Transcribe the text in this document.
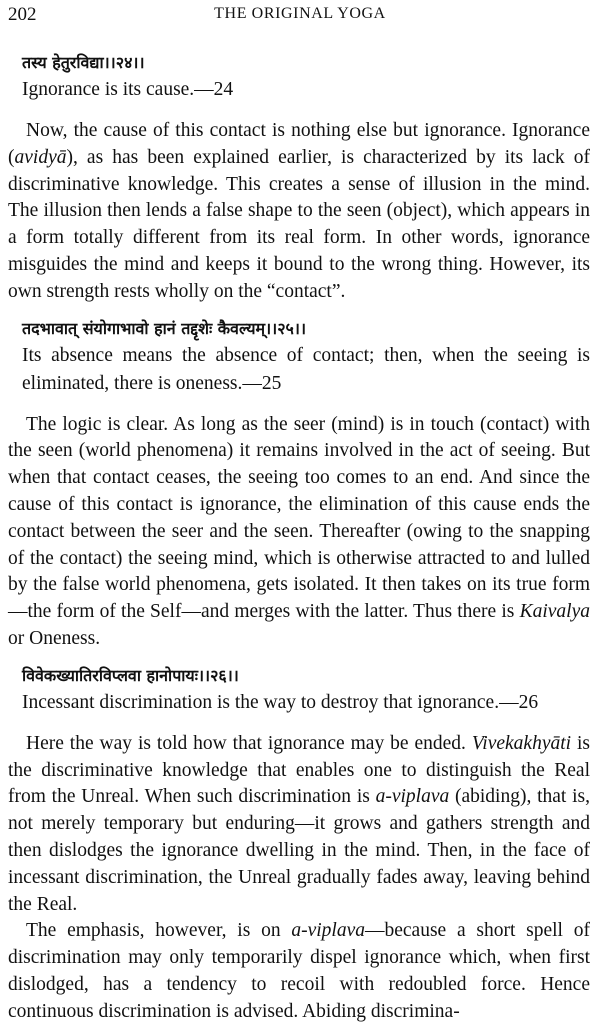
202	THE ORIGINAL YOGA

तस्य हेतुरविद्या।।२४।।

Ignorance is its cause.—24

Now, the cause of this contact is nothing else but ignorance. Ignorance (avidyā), as has been explained earlier, is characterized by its lack of discriminative knowledge. This creates a sense of illusion in the mind. The illusion then lends a false shape to the seen (object), which appears in a form totally different from its real form. In other words, ignorance misguides the mind and keeps it bound to the wrong thing. However, its own strength rests wholly on the “contact”.

तदभावात् संयोगाभावो हानं तद्दृशेः कैवल्यम्।।२५।।

Its absence means the absence of contact; then, when the seeing is eliminated, there is oneness.—25

The logic is clear. As long as the seer (mind) is in touch (contact) with the seen (world phenomena) it remains involved in the act of seeing. But when that contact ceases, the seeing too comes to an end. And since the cause of this contact is ignorance, the elimination of this cause ends the contact between the seer and the seen. Thereafter (owing to the snapping of the contact) the seeing mind, which is otherwise attracted to and lulled by the false world phenomena, gets isolated. It then takes on its true form—the form of the Self—and merges with the latter. Thus there is Kaivalya or Oneness.

विवेकख्यातिरविप्लवा हानोपायः।।२६।।

Incessant discrimination is the way to destroy that ignorance.—26

Here the way is told how that ignorance may be ended. Vivekakhyāti is the discriminative knowledge that enables one to distinguish the Real from the Unreal. When such discrimination is a-viplava (abiding), that is, not merely temporary but enduring—it grows and gathers strength and then dislodges the ignorance dwelling in the mind. Then, in the face of incessant discrimination, the Unreal gradually fades away, leaving behind the Real.

The emphasis, however, is on a-viplava—because a short spell of discrimination may only temporarily dispel ignorance which, when first dislodged, has a tendency to recoil with redoubled force. Hence continuous discrimination is advised. Abiding discrimina-
